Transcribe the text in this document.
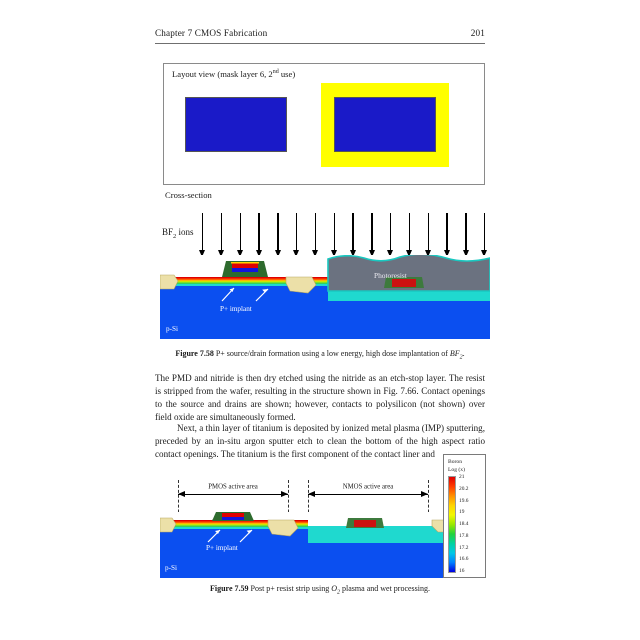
Chapter 7 CMOS Fabrication	201
Layout view (mask layer 6, 2nd use)
Cross-section
$BF_2$ ions
Photoresist
P+ implant
p-Si
Figure 7.58 P+ source/drain formation using a low energy, high dose implantation of $BF_2$.
The PMD and nitride is then dry etched using the nitride as an etch-stop layer. The resist is stripped from the wafer, resulting in the structure shown in Fig. 7.66. Contact openings to the source and drains are shown; however, contacts to polysilicon (not shown) over field oxide are simultaneously formed.
Next, a thin layer of titanium is deposited by ionized metal plasma (IMP) sputtering, preceded by an in-situ argon sputter etch to clean the bottom of the high aspect ratio contact openings. The titanium is the first component of the contact liner and
PMOS active area	NMOS active area
P+ implant
p-Si
Boron
Log (x)
21
20.2
19.6
19
18.4
17.8
17.2
16.6
16
Figure 7.59 Post p+ resist strip using $O_2$ plasma and wet processing.
